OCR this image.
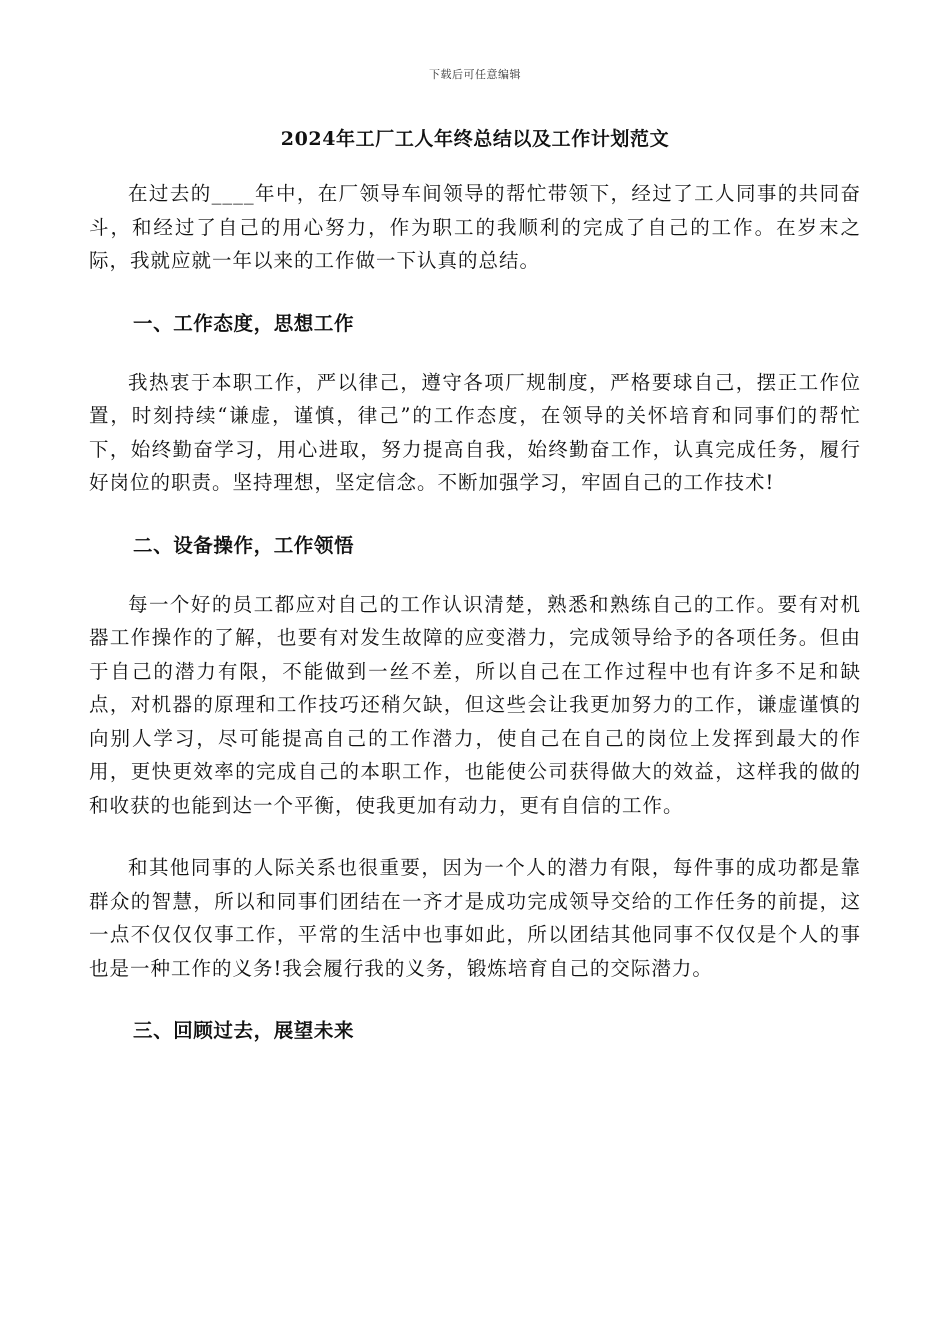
下载后可任意编辑
2024年工厂工人年终总结以及工作计划范文

在过去的____年中，在厂领导车间领导的帮忙带领下，经过了工人同事的共同奋斗，和经过了自己的用心努力，作为职工的我顺利的完成了自己的工作。在岁末之际，我就应就一年以来的工作做一下认真的总结。

一、工作态度，思想工作

我热衷于本职工作，严以律己，遵守各项厂规制度，严格要球自己，摆正工作位置，时刻持续“谦虚，谨慎，律己”的工作态度，在领导的关怀培育和同事们的帮忙下，始终勤奋学习，用心进取，努力提高自我，始终勤奋工作，认真完成任务，履行好岗位的职责。坚持理想，坚定信念。不断加强学习，牢固自己的工作技术!

二、设备操作，工作领悟

每一个好的员工都应对自己的工作认识清楚，熟悉和熟练自己的工作。要有对机器工作操作的了解，也要有对发生故障的应变潜力，完成领导给予的各项任务。但由于自己的潜力有限，不能做到一丝不差，所以自己在工作过程中也有许多不足和缺点，对机器的原理和工作技巧还稍欠缺，但这些会让我更加努力的工作，谦虚谨慎的向别人学习，尽可能提高自己的工作潜力，使自己在自己的岗位上发挥到最大的作用，更快更效率的完成自己的本职工作，也能使公司获得做大的效益，这样我的做的和收获的也能到达一个平衡，使我更加有动力，更有自信的工作。

和其他同事的人际关系也很重要，因为一个人的潜力有限，每件事的成功都是靠群众的智慧，所以和同事们团结在一齐才是成功完成领导交给的工作任务的前提，这一点不仅仅仅事工作，平常的生活中也事如此，所以团结其他同事不仅仅是个人的事也是一种工作的义务!我会履行我的义务，锻炼培育自己的交际潜力。

三、回顾过去，展望未来
